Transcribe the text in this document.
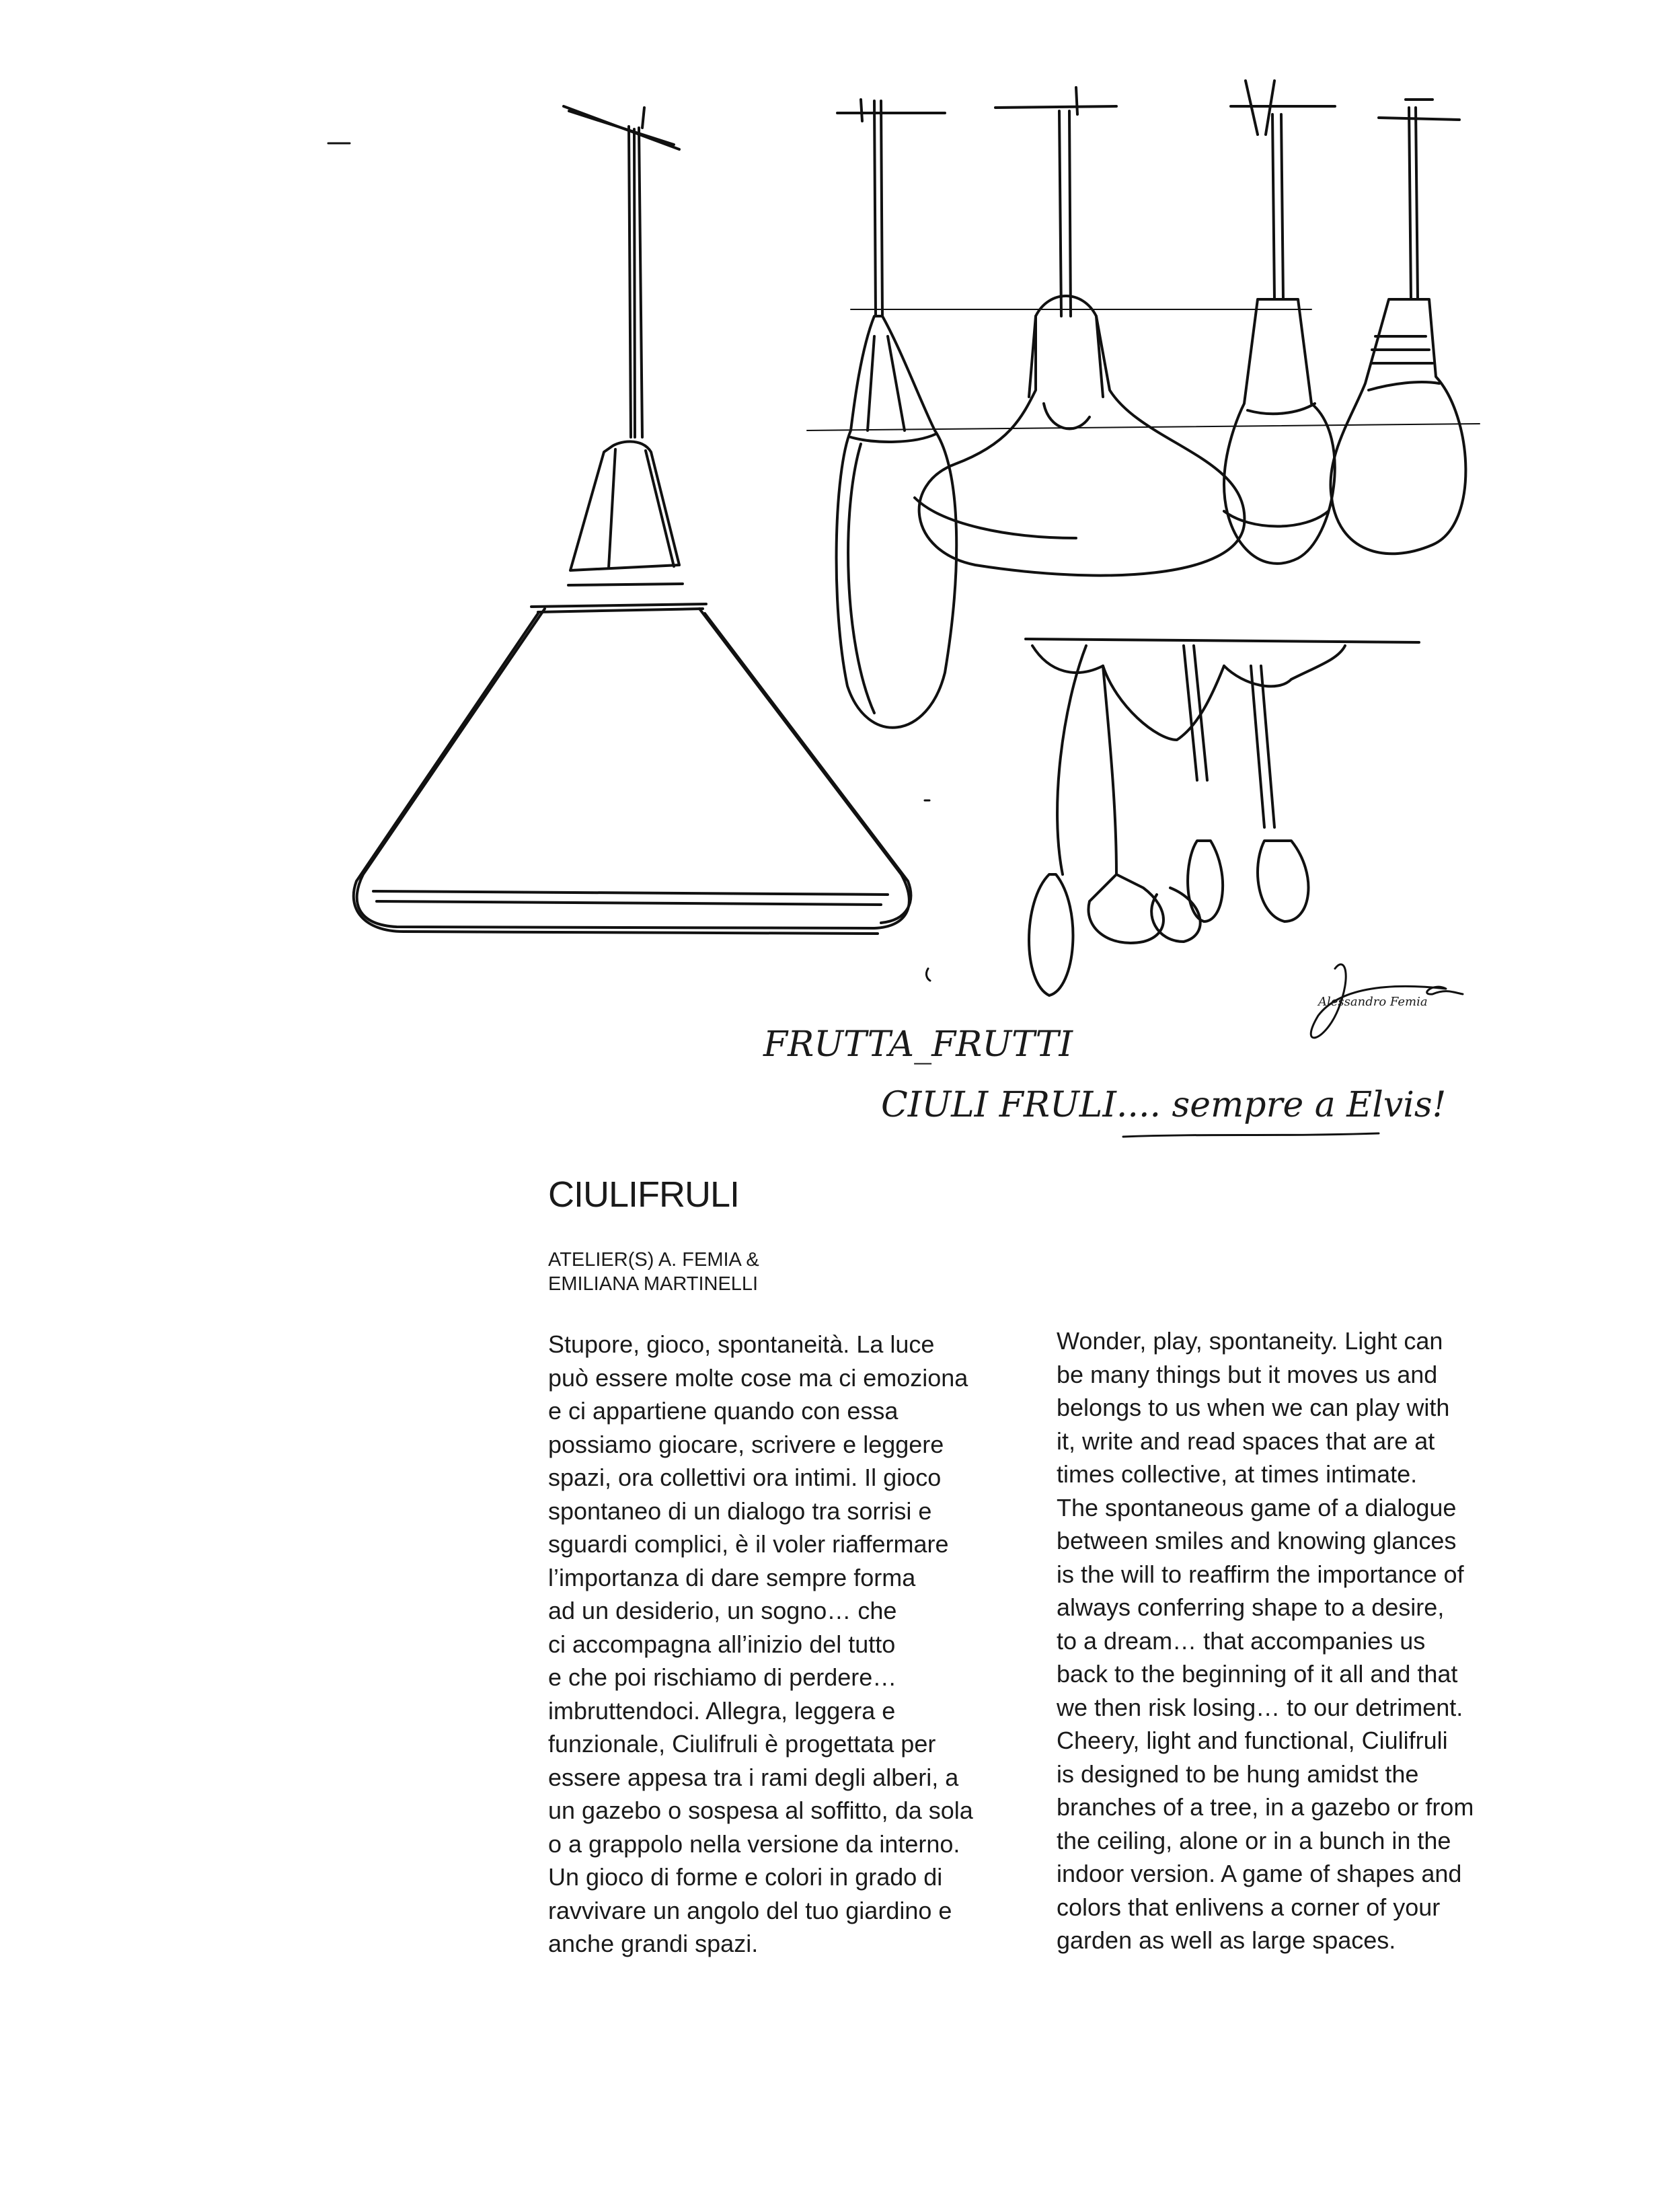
FRUTTA_FRUTTI
CIULI FRULI.... sempre a Elvis!
Alessandro Femia
CIULIFRULI
ATELIER(S) A. FEMIA &
EMILIANA MARTINELLI
Stupore, gioco, spontaneità. La luce
può essere molte cose ma ci emoziona
e ci appartiene quando con essa
possiamo giocare, scrivere e leggere
spazi, ora collettivi ora intimi. Il gioco
spontaneo di un dialogo tra sorrisi e
sguardi complici, è il voler riaffermare
l’importanza di dare sempre forma
ad un desiderio, un sogno… che
ci accompagna all’inizio del tutto
e che poi rischiamo di perdere…
imbruttendoci. Allegra, leggera e
funzionale, Ciulifruli è progettata per
essere appesa tra i rami degli alberi, a
un gazebo o sospesa al soffitto, da sola
o a grappolo nella versione da interno.
Un gioco di forme e colori in grado di
ravvivare un angolo del tuo giardino e
anche grandi spazi.
Wonder, play, spontaneity. Light can
be many things but it moves us and
belongs to us when we can play with
it, write and read spaces that are at
times collective, at times intimate.
The spontaneous game of a dialogue
between smiles and knowing glances
is the will to reaffirm the importance of
always conferring shape to a desire,
to a dream… that accompanies us
back to the beginning of it all and that
we then risk losing… to our detriment.
Cheery, light and functional, Ciulifruli
is designed to be hung amidst the
branches of a tree, in a gazebo or from
the ceiling, alone or in a bunch in the
indoor version. A game of shapes and
colors that enlivens a corner of your
garden as well as large spaces.
